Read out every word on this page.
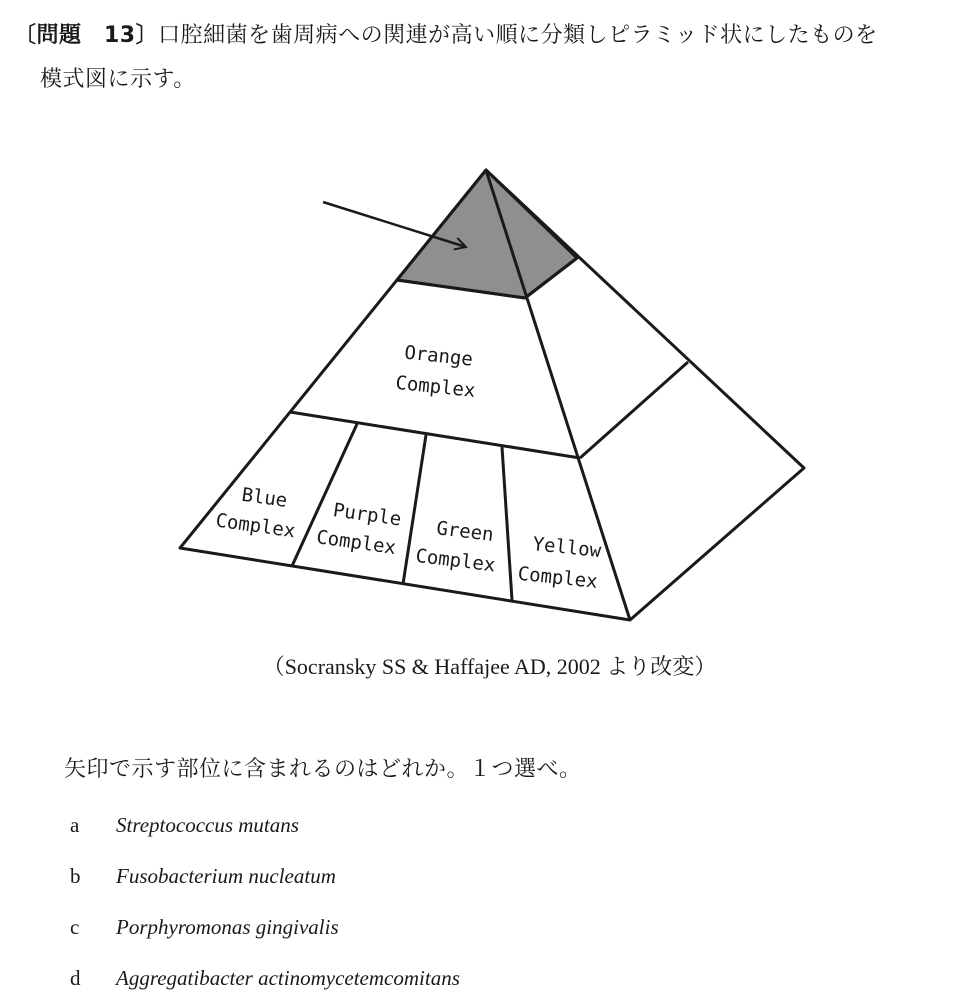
〔問題　13〕口腔細菌を歯周病への関連が高い順に分類しピラミッド状にしたものを
模式図に示す。
Orange
Complex
Blue
Complex Purple
Complex Green
Complex Yellow
Complex
（Socransky SS & Haffajee AD, 2002 より改変）
矢印で示す部位に含まれるのはどれか。１つ選べ。
a	Streptococcus mutans
b	Fusobacterium nucleatum
c	Porphyromonas gingivalis
d	Aggregatibacter actinomycetemcomitans
